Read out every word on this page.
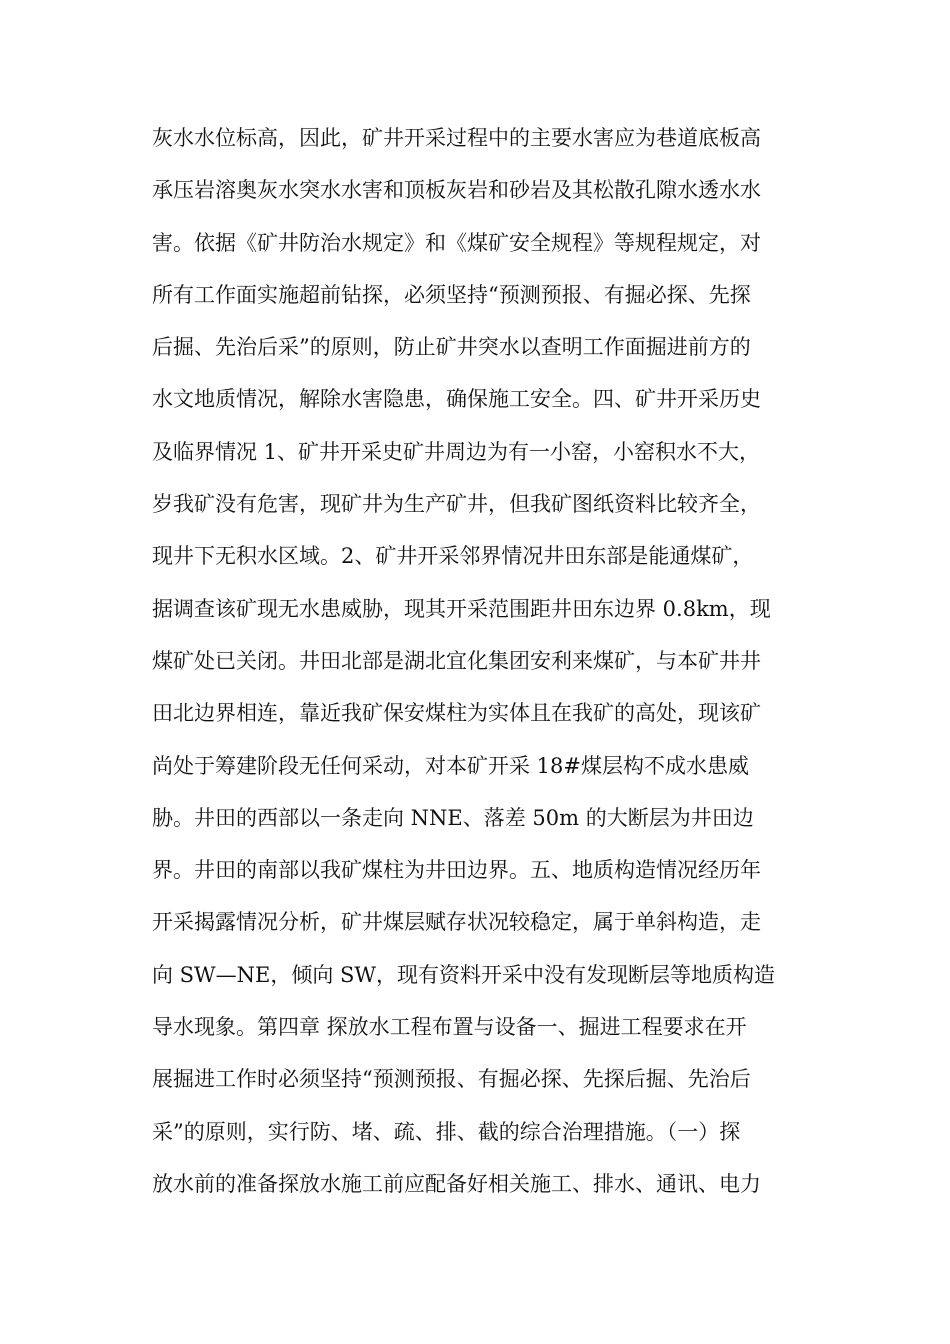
灰水水位标高，因此，矿井开采过程中的主要水害应为巷道底板高
承压岩溶奥灰水突水水害和顶板灰岩和砂岩及其松散孔隙水透水水
害。依据《矿井防治水规定》和《煤矿安全规程》等规程规定，对
所有工作面实施超前钻探，必须坚持“预测预报、有掘必探、先探
后掘、先治后采”的原则，防止矿井突水以查明工作面掘进前方的
水文地质情况，解除水害隐患，确保施工安全。四、矿井开采历史
及临界情况 1、矿井开采史矿井周边为有一小窑，小窑积水不大，
岁我矿没有危害，现矿井为生产矿井，但我矿图纸资料比较齐全，
现井下无积水区域。2、矿井开采邻界情况井田东部是能通煤矿，
据调查该矿现无水患威胁，现其开采范围距井田东边界 0.8km，现
煤矿处已关闭。井田北部是湖北宜化集团安利来煤矿，与本矿井井
田北边界相连，靠近我矿保安煤柱为实体且在我矿的高处，现该矿
尚处于筹建阶段无任何采动，对本矿开采 18#煤层构不成水患威
胁。井田的西部以一条走向 NNE、落差 50m 的大断层为井田边
界。井田的南部以我矿煤柱为井田边界。五、地质构造情况经历年
开采揭露情况分析，矿井煤层赋存状况较稳定，属于单斜构造，走
向 SW—NE，倾向 SW，现有资料开采中没有发现断层等地质构造
导水现象。第四章 探放水工程布置与设备一、掘进工程要求在开
展掘进工作时必须坚持“预测预报、有掘必探、先探后掘、先治后
采”的原则，实行防、堵、疏、排、截的综合治理措施。（一）探
放水前的准备探放水施工前应配备好相关施工、排水、通讯、电力
